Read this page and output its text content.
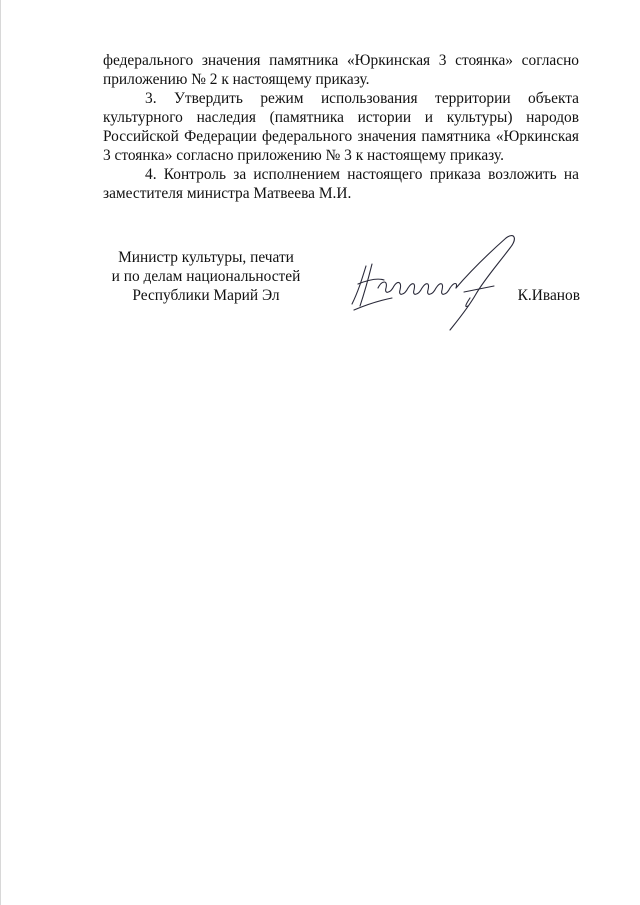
федерального значения памятника «Юркинская 3 стоянка» согласно приложению № 2 к настоящему приказу.

3. Утвердить режим использования территории объекта культурного наследия (памятника истории и культуры) народов Российской Федерации федерального значения памятника «Юркинская 3 стоянка» согласно приложению № 3 к настоящему приказу.

4. Контроль за исполнением настоящего приказа возложить на заместителя министра Матвеева М.И.

Министр культуры, печати
и по делам национальностей
Республики Марий Эл	К.Иванов
